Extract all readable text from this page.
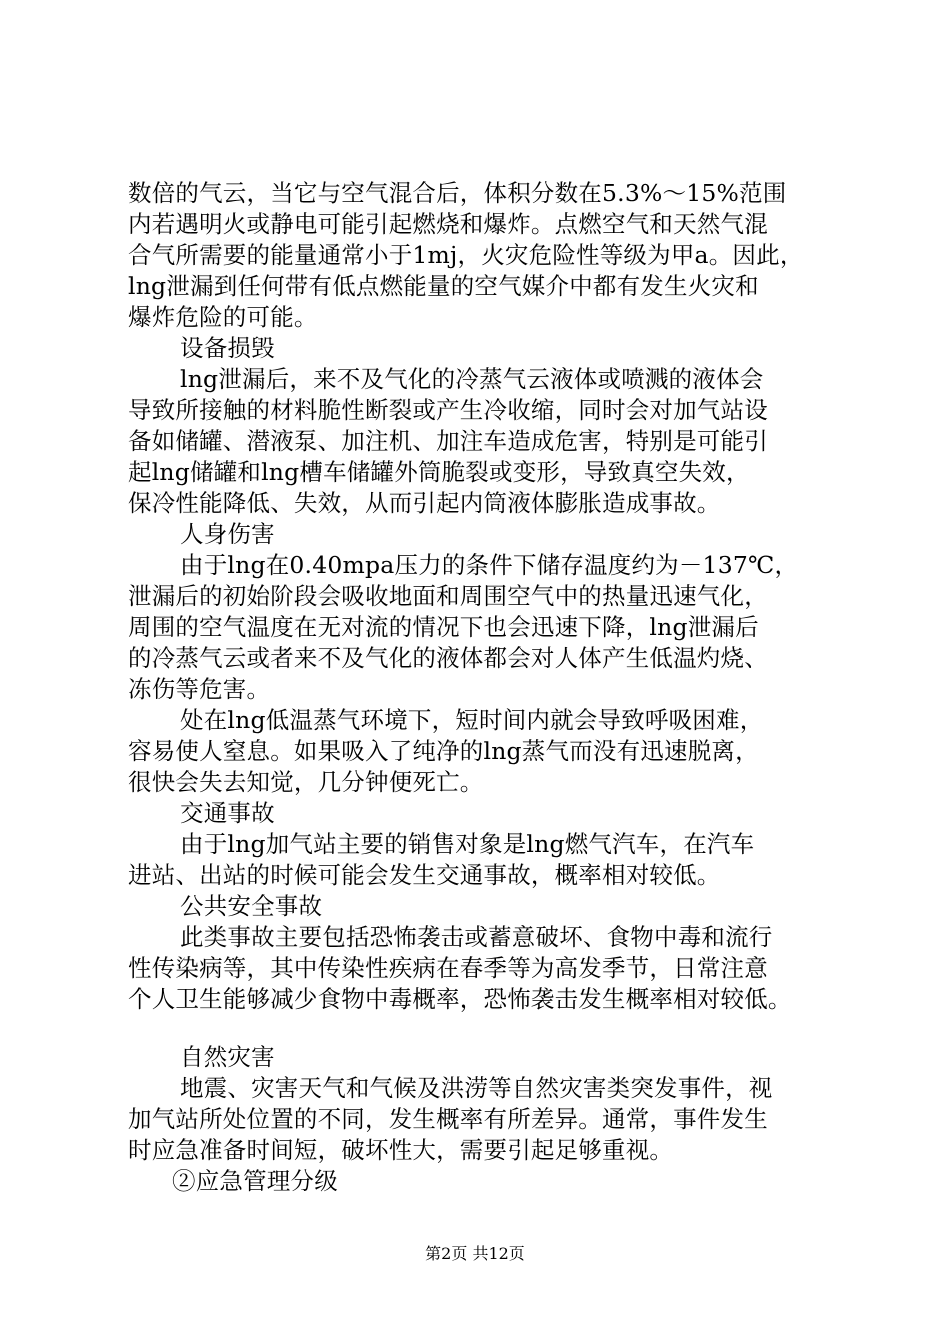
数倍的气云，当它与空气混合后，体积分数在5.3%～15%范围
内若遇明火或静电可能引起燃烧和爆炸。点燃空气和天然气混
合气所需要的能量通常小于1mj，火灾危险性等级为甲a。因此，
lng泄漏到任何带有低点燃能量的空气媒介中都有发生火灾和
爆炸危险的可能。
设备损毁
lng泄漏后，来不及气化的冷蒸气云液体或喷溅的液体会
导致所接触的材料脆性断裂或产生冷收缩，同时会对加气站设
备如储罐、潜液泵、加注机、加注车造成危害，特别是可能引
起lng储罐和lng槽车储罐外筒脆裂或变形，导致真空失效，
保冷性能降低、失效，从而引起内筒液体膨胀造成事故。
人身伤害
由于lng在0.40mpa压力的条件下储存温度约为－137℃，
泄漏后的初始阶段会吸收地面和周围空气中的热量迅速气化，
周围的空气温度在无对流的情况下也会迅速下降，lng泄漏后
的冷蒸气云或者来不及气化的液体都会对人体产生低温灼烧、
冻伤等危害。
处在lng低温蒸气环境下，短时间内就会导致呼吸困难，
容易使人窒息。如果吸入了纯净的lng蒸气而没有迅速脱离，
很快会失去知觉，几分钟便死亡。
交通事故
由于lng加气站主要的销售对象是lng燃气汽车，在汽车
进站、出站的时候可能会发生交通事故，概率相对较低。
公共安全事故
此类事故主要包括恐怖袭击或蓄意破坏、食物中毒和流行
性传染病等，其中传染性疾病在春季等为高发季节，日常注意
个人卫生能够减少食物中毒概率，恐怖袭击发生概率相对较低。
自然灾害
地震、灾害天气和气候及洪涝等自然灾害类突发事件，视
加气站所处位置的不同，发生概率有所差异。通常，事件发生
时应急准备时间短，破坏性大，需要引起足够重视。
②应急管理分级
第2页 共12页
